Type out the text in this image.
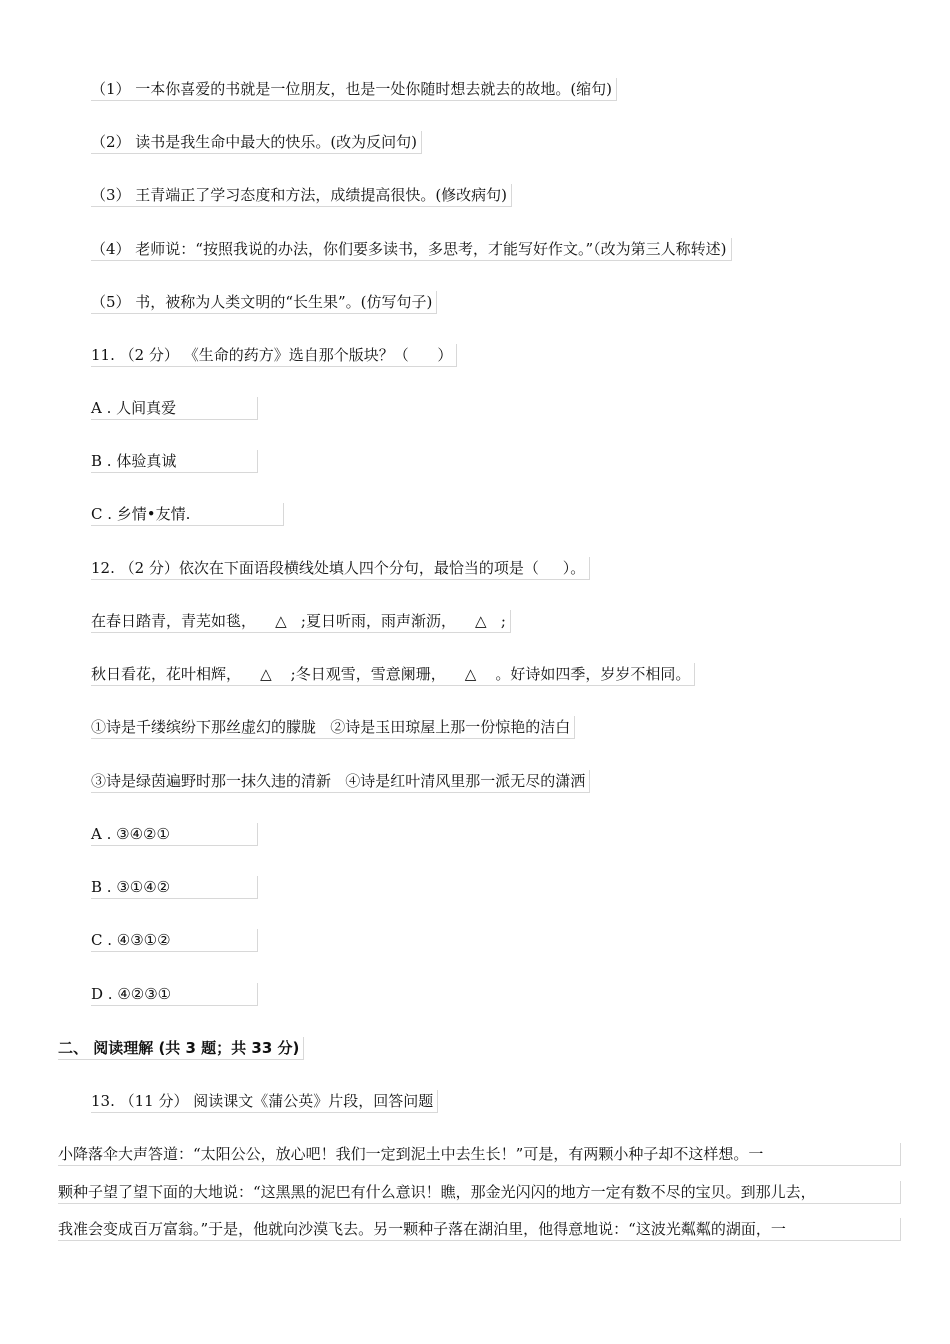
（1） 一本你喜爱的书就是一位朋友，也是一处你随时想去就去的故地。(缩句)
（2） 读书是我生命中最大的快乐。(改为反问句)
（3） 王青端正了学习态度和方法，成绩提高很快。(修改病句)
（4） 老师说：“按照我说的办法，你们要多读书，多思考，才能写好作文。”（改为第三人称转述)
（5） 书，被称为人类文明的“长生果”。(仿写句子)
11. （2 分） 《生命的药方》选自那个版块？（      ）
A . 人间真爱
B . 体验真诚
C . 乡情•友情.
12. （2 分）依次在下面语段横线处填人四个分句，最恰当的项是（     ）。
在春日踏青，青芜如毯，    △   ;夏日听雨，雨声渐沥，    △   ;
秋日看花，花叶相辉，    △    ;冬日观雪，雪意阑珊，    △    。好诗如四季，岁岁不相同。
①诗是千缕缤纷下那丝虚幻的朦胧   ②诗是玉田琼屋上那一份惊艳的洁白
③诗是绿茵遍野时那一抹久违的清新   ④诗是红叶清风里那一派无尽的潇洒
A . ③④②①
B . ③①④②
C . ④③①②
D . ④②③①
二、 阅读理解 (共 3 题；共 33 分)
13. （11 分） 阅读课文《蒲公英》片段，回答问题
小降落伞大声答道：“太阳公公，放心吧！我们一定到泥土中去生长！”可是，有两颗小种子却不这样想。一
颗种子望了望下面的大地说：“这黑黑的泥巴有什么意识！瞧，那金光闪闪的地方一定有数不尽的宝贝。到那儿去，
我准会变成百万富翁。”于是，他就向沙漠飞去。另一颗种子落在湖泊里，他得意地说：“这波光粼粼的湖面，一
